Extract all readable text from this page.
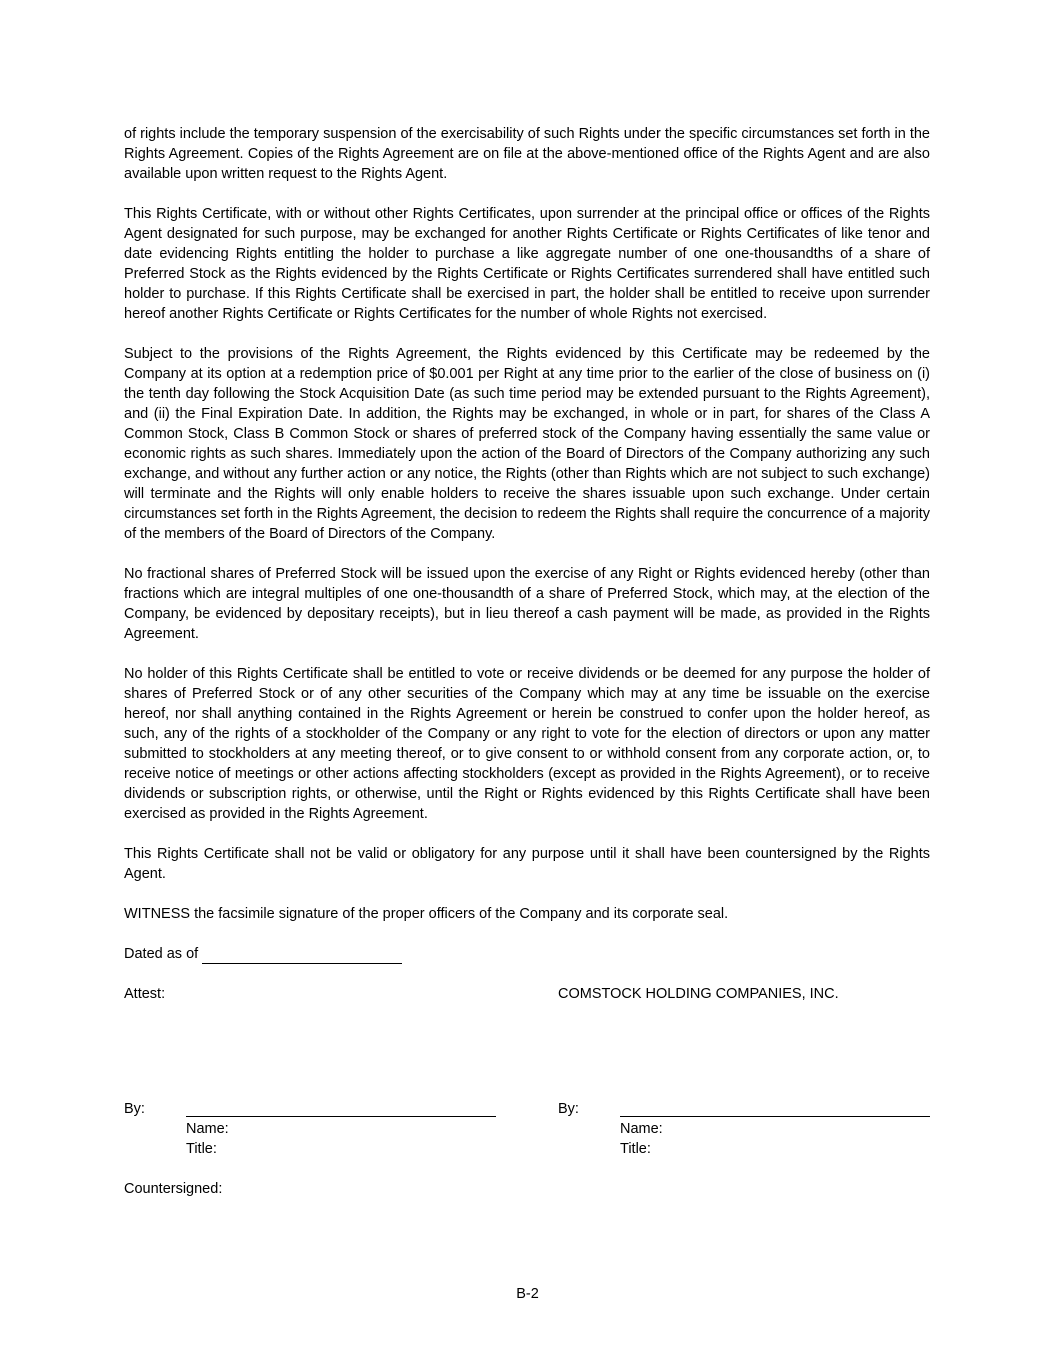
of rights include the temporary suspension of the exercisability of such Rights under the specific circumstances set forth in the Rights Agreement. Copies of the Rights Agreement are on file at the above-mentioned office of the Rights Agent and are also available upon written request to the Rights Agent.

This Rights Certificate, with or without other Rights Certificates, upon surrender at the principal office or offices of the Rights Agent designated for such purpose, may be exchanged for another Rights Certificate or Rights Certificates of like tenor and date evidencing Rights entitling the holder to purchase a like aggregate number of one one-thousandths of a share of Preferred Stock as the Rights evidenced by the Rights Certificate or Rights Certificates surrendered shall have entitled such holder to purchase. If this Rights Certificate shall be exercised in part, the holder shall be entitled to receive upon surrender hereof another Rights Certificate or Rights Certificates for the number of whole Rights not exercised.

Subject to the provisions of the Rights Agreement, the Rights evidenced by this Certificate may be redeemed by the Company at its option at a redemption price of $0.001 per Right at any time prior to the earlier of the close of business on (i) the tenth day following the Stock Acquisition Date (as such time period may be extended pursuant to the Rights Agreement), and (ii) the Final Expiration Date. In addition, the Rights may be exchanged, in whole or in part, for shares of the Class A Common Stock, Class B Common Stock or shares of preferred stock of the Company having essentially the same value or economic rights as such shares. Immediately upon the action of the Board of Directors of the Company authorizing any such exchange, and without any further action or any notice, the Rights (other than Rights which are not subject to such exchange) will terminate and the Rights will only enable holders to receive the shares issuable upon such exchange. Under certain circumstances set forth in the Rights Agreement, the decision to redeem the Rights shall require the concurrence of a majority of the members of the Board of Directors of the Company.

No fractional shares of Preferred Stock will be issued upon the exercise of any Right or Rights evidenced hereby (other than fractions which are integral multiples of one one-thousandth of a share of Preferred Stock, which may, at the election of the Company, be evidenced by depositary receipts), but in lieu thereof a cash payment will be made, as provided in the Rights Agreement.

No holder of this Rights Certificate shall be entitled to vote or receive dividends or be deemed for any purpose the holder of shares of Preferred Stock or of any other securities of the Company which may at any time be issuable on the exercise hereof, nor shall anything contained in the Rights Agreement or herein be construed to confer upon the holder hereof, as such, any of the rights of a stockholder of the Company or any right to vote for the election of directors or upon any matter submitted to stockholders at any meeting thereof, or to give consent to or withhold consent from any corporate action, or, to receive notice of meetings or other actions affecting stockholders (except as provided in the Rights Agreement), or to receive dividends or subscription rights, or otherwise, until the Right or Rights evidenced by this Rights Certificate shall have been exercised as provided in the Rights Agreement.

This Rights Certificate shall not be valid or obligatory for any purpose until it shall have been countersigned by the Rights Agent.

WITNESS the facsimile signature of the proper officers of the Company and its corporate seal.

Dated as of
Attest:	COMSTOCK HOLDING COMPANIES, INC.
By:
Name:
Title:
By:
Name:
Title:
Countersigned:
B-2
